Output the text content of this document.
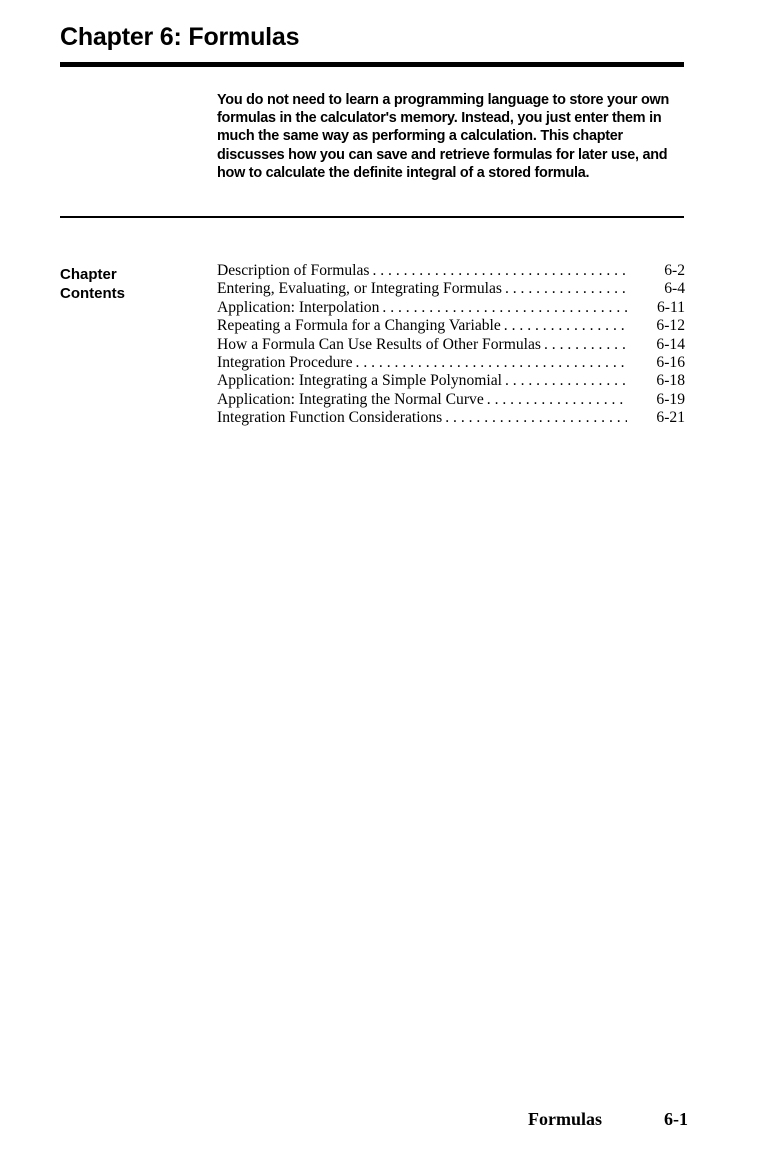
Chapter 6: Formulas

You do not need to learn a programming language to store your own formulas in the calculator's memory. Instead, you just enter them in much the same way as performing a calculation. This chapter discusses how you can save and retrieve formulas for later use, and how to calculate the definite integral of a stored formula.

Chapter
Contents
Description of Formulas . . .	6-2
Entering, Evaluating, or Integrating Formulas . . .	6-4
Application: Interpolation . . .	6-11
Repeating a Formula for a Changing Variable . . .	6-12
How a Formula Can Use Results of Other Formulas . . .	6-14
Integration Procedure . . .	6-16
Application: Integrating a Simple Polynomial . . .	6-18
Application: Integrating the Normal Curve . . .	6-19
Integration Function Considerations . . .	6-21
Formulas	6-1
